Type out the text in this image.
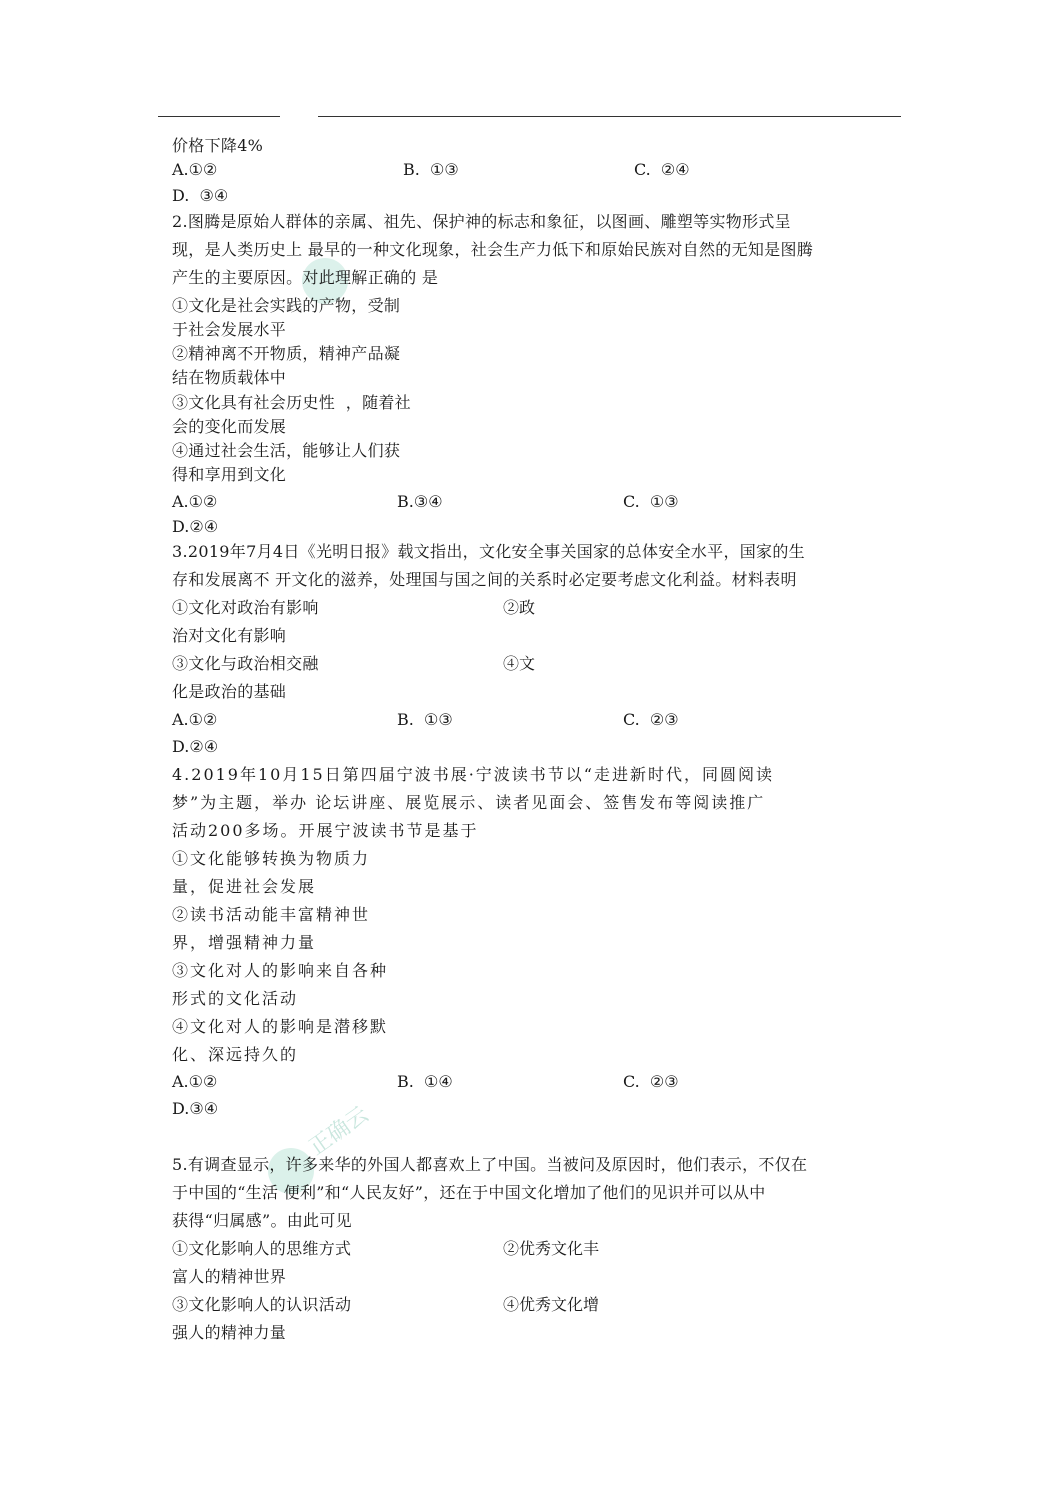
正确云
价格下降4%
A.①②	B.  ①③	C.  ②④
D.  ③④
2.图腾是原始人群体的亲属、祖先、保护神的标志和象征，以图画、雕塑等实物形式呈
现，是人类历史上 最早的一种文化现象，社会生产力低下和原始民族对自然的无知是图腾
产生的主要原因。对此理解正确的 是
①文化是社会实践的产物，受制
于社会发展水平
②精神离不开物质，精神产品凝
结在物质载体中
③文化具有社会历史性  ，随着社
会的变化而发展
④通过社会生活，能够让人们获
得和享用到文化
A.①②	B.③④	C.  ①③
D.②④
3.2019年7月4日《光明日报》载文指出，文化安全事关国家的总体安全水平，国家的生
存和发展离不 开文化的滋养，处理国与国之间的关系时必定要考虑文化利益。材料表明
①文化对政治有影响	②政
治对文化有影响
③文化与政治相交融	④文
化是政治的基础
A.①②	B.  ①③	C.  ②③
D.②④
4.2019年10月15日第四届宁波书展·宁波读书节以“走进新时代，同圆阅读
梦”为主题，举办 论坛讲座、展览展示、读者见面会、签售发布等阅读推广
活动200多场。开展宁波读书节是基于
①文化能够转换为物质力
量，促进社会发展
②读书活动能丰富精神世
界，增强精神力量
③文化对人的影响来自各种
形式的文化活动
④文化对人的影响是潜移默
化、深远持久的
A.①②	B.  ①④	C.  ②③
D.③④
5.有调查显示，许多来华的外国人都喜欢上了中国。当被问及原因时，他们表示，不仅在
于中国的“生活 便利”和“人民友好”，还在于中国文化增加了他们的见识并可以从中
获得“归属感”。由此可见
①文化影响人的思维方式	②优秀文化丰
富人的精神世界
③文化影响人的认识活动	④优秀文化增
强人的精神力量
